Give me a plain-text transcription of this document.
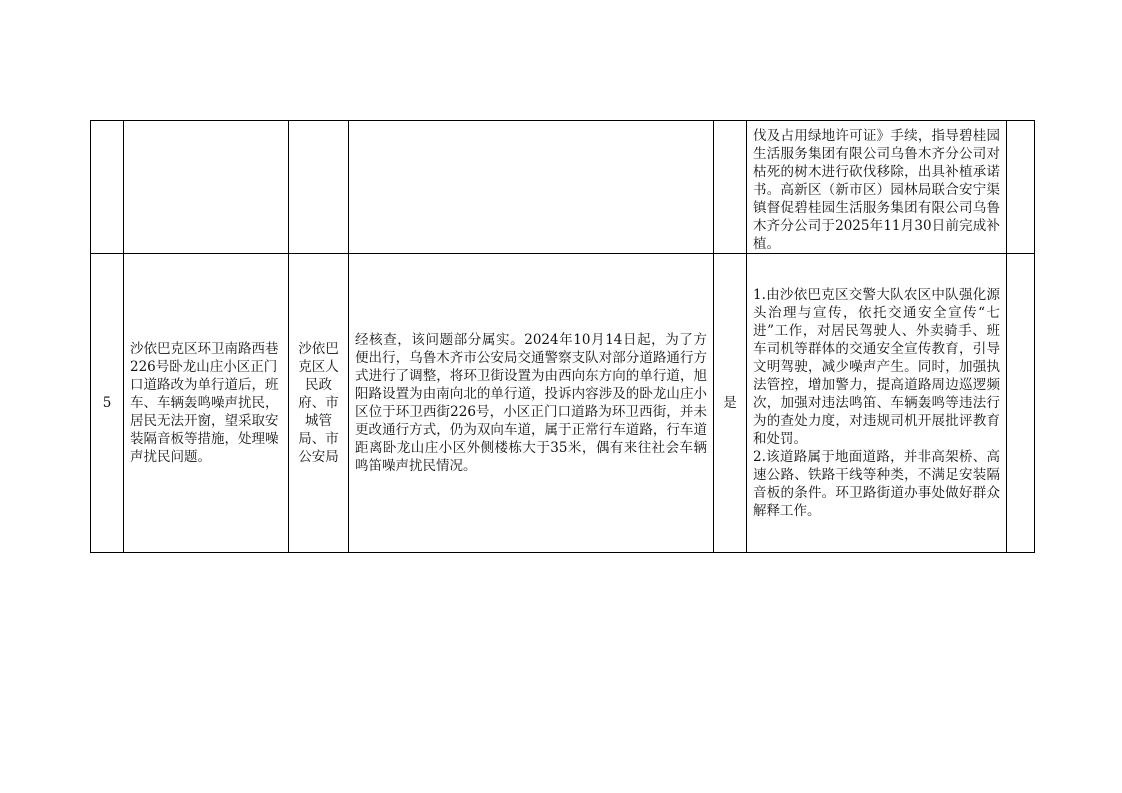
					伐及占用绿地许可证》手续，指导碧桂园生活服务集团有限公司乌鲁木齐分公司对枯死的树木进行砍伐移除，出具补植承诺书。高新区（新市区）园林局联合安宁渠镇督促碧桂园生活服务集团有限公司乌鲁木齐分公司于2025年11月30日前完成补植。	
5	沙依巴克区环卫南路西巷226号卧龙山庄小区正门口道路改为单行道后，班车、车辆轰鸣噪声扰民，居民无法开窗，望采取安装隔音板等措施，处理噪声扰民问题。	沙依巴克区人民政府、市城管局、市公安局	经核查，该问题部分属实。2024年10月14日起，为了方便出行，乌鲁木齐市公安局交通警察支队对部分道路通行方式进行了调整，将环卫街设置为由西向东方向的单行道，旭阳路设置为由南向北的单行道，投诉内容涉及的卧龙山庄小区位于环卫西街226号，小区正门口道路为环卫西街，并未更改通行方式，仍为双向车道，属于正常行车道路，行车道距离卧龙山庄小区外侧楼栋大于35米，偶有来往社会车辆鸣笛噪声扰民情况。	是	1.由沙依巴克区交警大队农区中队强化源头治理与宣传，依托交通安全宣传“七进”工作，对居民驾驶人、外卖骑手、班车司机等群体的交通安全宣传教育，引导文明驾驶，减少噪声产生。同时，加强执法管控，增加警力，提高道路周边巡逻频次，加强对违法鸣笛、车辆轰鸣等违法行为的查处力度，对违规司机开展批评教育和处罚。
2.该道路属于地面道路，并非高架桥、高速公路、铁路干线等种类，不满足安装隔音板的条件。环卫路街道办事处做好群众解释工作。	
